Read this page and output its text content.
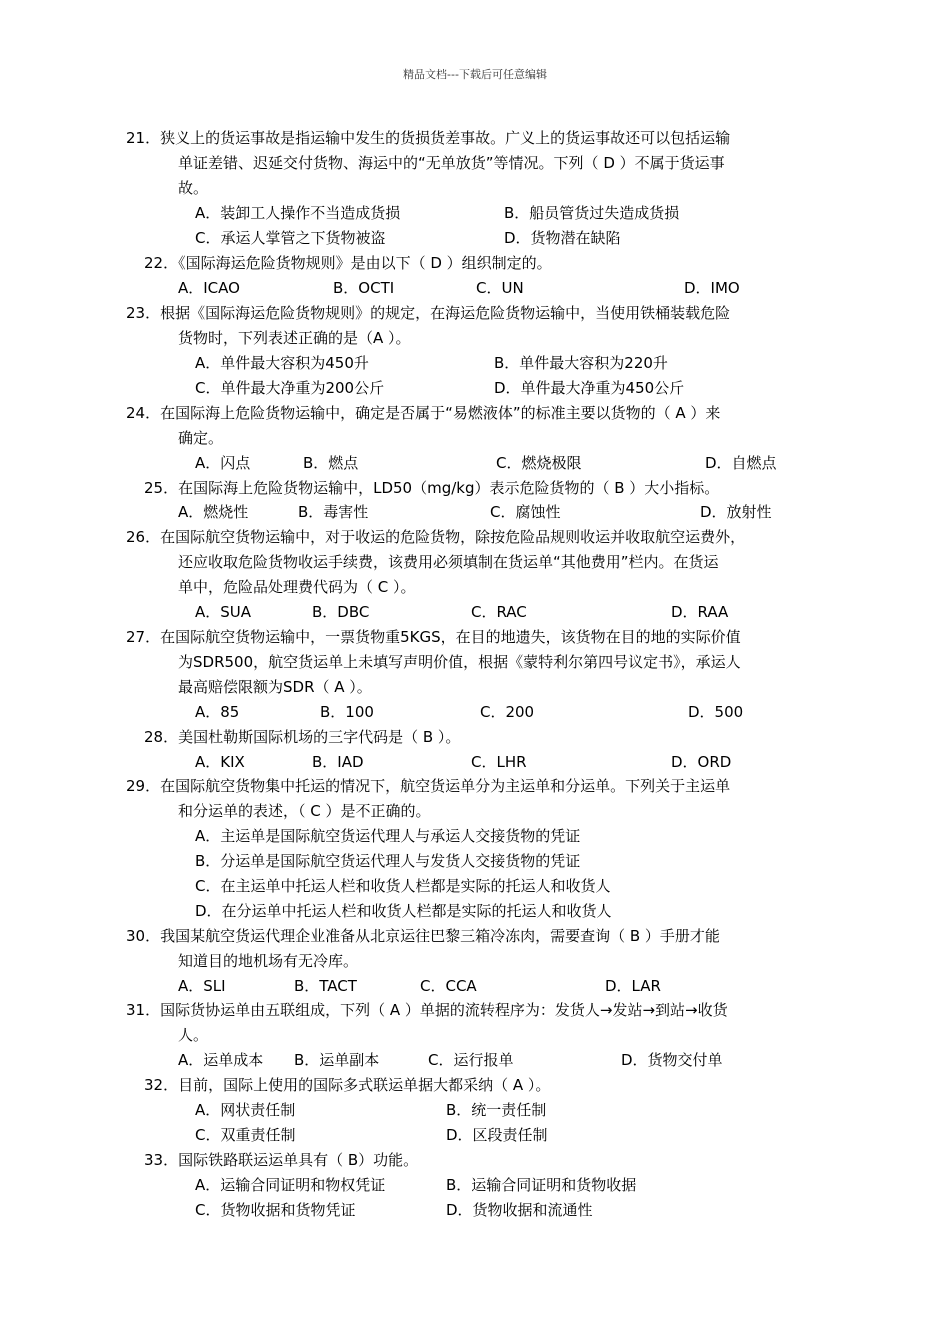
精品文档---下载后可任意编辑
21．狭义上的货运事故是指运输中发生的货损货差事故。广义上的货运事故还可以包括运输
单证差错、迟延交付货物、海运中的“无单放货”等情况。下列（ D ）不属于货运事
故。
A．装卸工人操作不当造成货损	B．船员管货过失造成货损
C．承运人掌管之下货物被盗	D．货物潜在缺陷
22．《国际海运危险货物规则》是由以下（ D ）组织制定的。
A．ICAO	B．OCTI	C．UN	D．IMO
23．根据《国际海运危险货物规则》的规定，在海运危险货物运输中，当使用铁桶装载危险
货物时，下列表述正确的是（A ）。
A．单件最大容积为450升	B．单件最大容积为220升
C．单件最大净重为200公斤	D．单件最大净重为450公斤
24．在国际海上危险货物运输中，确定是否属于“易燃液体”的标准主要以货物的（ A ）来
确定。
A．闪点	B．燃点	C．燃烧极限	D．自燃点
25．在国际海上危险货物运输中，LD50（mg/kg）表示危险货物的（ B ）大小指标。
A．燃烧性	B．毒害性	C．腐蚀性	D．放射性
26．在国际航空货物运输中，对于收运的危险货物，除按危险品规则收运并收取航空运费外，
还应收取危险货物收运手续费，该费用必须填制在货运单“其他费用”栏内。在货运
单中，危险品处理费代码为（ C ）。
A．SUA	B．DBC	C．RAC	D．RAA
27．在国际航空货物运输中，一票货物重5KGS，在目的地遗失，该货物在目的地的实际价值
为SDR500，航空货运单上未填写声明价值，根据《蒙特利尔第四号议定书》，承运人
最高赔偿限额为SDR（ A ）。
A．85	B．100	C．200	D．500
28．美国杜勒斯国际机场的三字代码是（ B ）。
A．KIX	B．IAD	C．LHR	D．ORD
29．在国际航空货物集中托运的情况下，航空货运单分为主运单和分运单。下列关于主运单
和分运单的表述，（ C ）是不正确的。
A．主运单是国际航空货运代理人与承运人交接货物的凭证
B．分运单是国际航空货运代理人与发货人交接货物的凭证
C．在主运单中托运人栏和收货人栏都是实际的托运人和收货人
D．在分运单中托运人栏和收货人栏都是实际的托运人和收货人
30．我国某航空货运代理企业准备从北京运往巴黎三箱冷冻肉，需要查询（ B ）手册才能
知道目的地机场有无冷库。
A．SLI	B．TACT	C．CCA	D．LAR
31．国际货协运单由五联组成，下列（ A ）单据的流转程序为：发货人→发站→到站→收货
人。
A．运单成本 B．运单副本	C．运行报单	D．货物交付单
32．目前，国际上使用的国际多式联运单据大都采纳（ A ）。
A．网状责任制	B．统一责任制
C．双重责任制	D．区段责任制
33．国际铁路联运运单具有（ B）功能。
A．运输合同证明和物权凭证	B．运输合同证明和货物收据
C．货物收据和货物凭证	D．货物收据和流通性
